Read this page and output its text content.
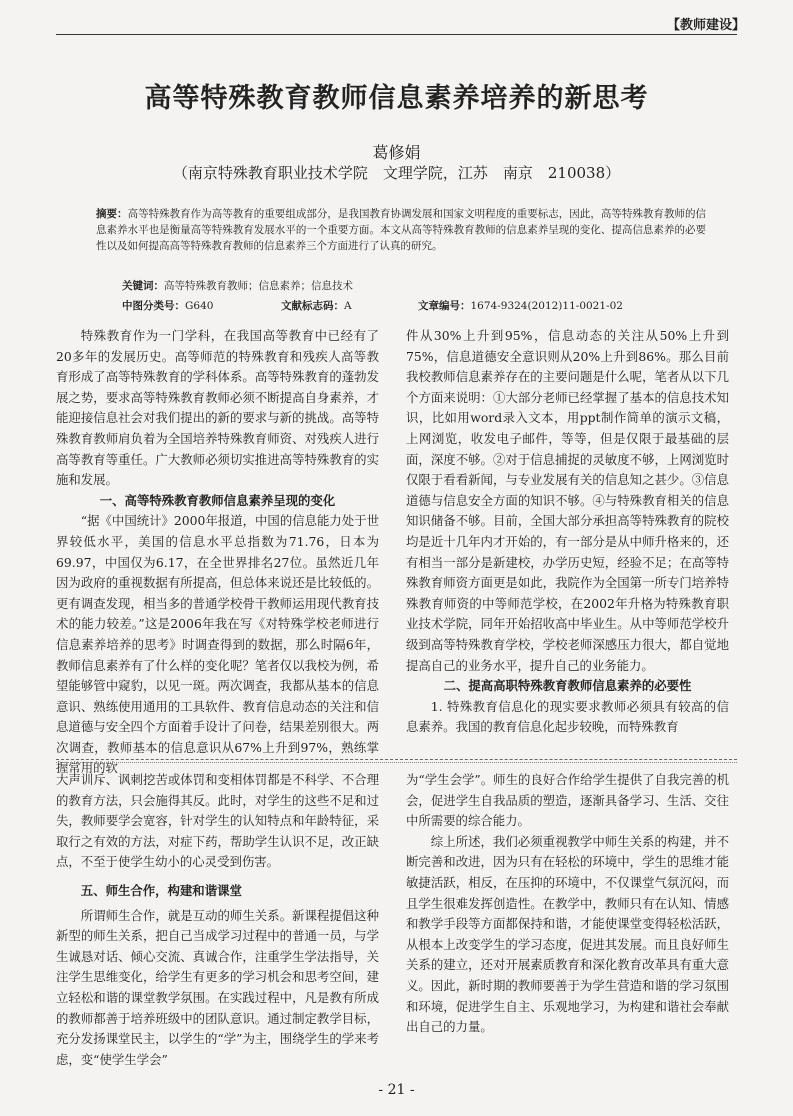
【教师建设】
高等特殊教育教师信息素养培养的新思考
葛修娟
（南京特殊教育职业技术学院　文理学院，江苏　南京　210038）
摘要：高等特殊教育作为高等教育的重要组成部分，是我国教育协调发展和国家文明程度的重要标志，因此，高等特殊教育教师的信息素养水平也是衡量高等特殊教育发展水平的一个重要方面。本文从高等特殊教育教师的信息素养呈现的变化、提高信息素养的必要性以及如何提高高等特殊教育教师的信息素养三个方面进行了认真的研究。
关键词：高等特殊教育教师；信息素养；信息技术
中图分类号：G640	文献标志码：A	文章编号：1674-9324(2012)11-0021-02

特殊教育作为一门学科，在我国高等教育中已经有了20多年的发展历史。高等师范的特殊教育和残疾人高等教育形成了高等特殊教育的学科体系。高等特殊教育的蓬勃发展之势，要求高等特殊教育教师必须不断提高自身素养，才能迎接信息社会对我们提出的新的要求与新的挑战。高等特殊教育教师肩负着为全国培养特殊教育师资、对残疾人进行高等教育等重任。广大教师必须切实推进高等特殊教育的实施和发展。

一、高等特殊教育教师信息素养呈现的变化

“据《中国统计》2000年报道，中国的信息能力处于世界较低水平，美国的信息水平总指数为71.76，日本为69.97，中国仅为6.17，在全世界排名27位。虽然近几年因为政府的重视数据有所提高，但总体来说还是比较低的。更有调查发现，相当多的普通学校骨干教师运用现代教育技术的能力较差。”这是2006年我在写《对特殊学校老师进行信息素养培养的思考》时调查得到的数据，那么时隔6年，教师信息素养有了什么样的变化呢？笔者仅以我校为例，希望能够管中窥豹，以见一斑。两次调查，我都从基本的信息意识、熟练使用通用的工具软件、教育信息动态的关注和信息道德与安全四个方面着手设计了问卷，结果差别很大。两次调查，教师基本的信息意识从67%上升到97%，熟练掌握常用的软

件从30%上升到95%，信息动态的关注从50%上升到75%，信息道德安全意识则从20%上升到86%。那么目前我校教师信息素养存在的主要问题是什么呢，笔者从以下几个方面来说明：①大部分老师已经掌握了基本的信息技术知识，比如用word录入文本，用ppt制作简单的演示文稿，上网浏览，收发电子邮件，等等，但是仅限于最基础的层面，深度不够。②对于信息捕捉的灵敏度不够，上网浏览时仅限于看看新闻，与专业发展有关的信息知之甚少。③信息道德与信息安全方面的知识不够。④与特殊教育相关的信息知识储备不够。目前，全国大部分承担高等特殊教育的院校均是近十几年内才开始的，有一部分是从中师升格来的，还有相当一部分是新建校，办学历史短，经验不足；在高等特殊教育师资方面更是如此，我院作为全国第一所专门培养特殊教育师资的中等师范学校，在2002年升格为特殊教育职业技术学院，同年开始招收高中毕业生。从中等师范学校升级到高等特殊教育学校，学校老师深感压力很大，都自觉地提高自己的业务水平，提升自己的业务能力。

二、提高高职特殊教育教师信息素养的必要性

1. 特殊教育信息化的现实要求教师必须具有较高的信息素养。我国的教育信息化起步较晚，而特殊教育

大声训斥、讽刺挖苦或体罚和变相体罚都是不科学、不合理的教育方法，只会施得其反。此时，对学生的这些不足和过失，教师要学会宽容，针对学生的认知特点和年龄特征，采取行之有效的方法，对症下药，帮助学生认识不足，改正缺点，不至于使学生幼小的心灵受到伤害。

五、师生合作，构建和谐课堂

所谓师生合作，就是互动的师生关系。新课程提倡这种新型的师生关系，把自己当成学习过程中的普通一员，与学生诚恳对话、倾心交流、真诚合作，注重学生学法指导，关注学生思维变化，给学生有更多的学习机会和思考空间，建立轻松和谐的课堂教学氛围。在实践过程中，凡是教有所成的教师都善于培养班级中的团队意识。通过制定教学目标，充分发扬课堂民主，以学生的“学”为主，围绕学生的学来考虑，变“使学生学会”

为“学生会学”。师生的良好合作给学生提供了自我完善的机会，促进学生自我品质的塑造，逐渐具备学习、生活、交往中所需要的综合能力。

综上所述，我们必须重视教学中师生关系的构建，并不断完善和改进，因为只有在轻松的环境中，学生的思维才能敏捷活跃，相反，在压抑的环境中，不仅课堂气氛沉闷，而且学生很难发挥创造性。在教学中，教师只有在认知、情感和教学手段等方面都保持和谐，才能使课堂变得轻松活跃，从根本上改变学生的学习态度，促进其发展。而且良好师生关系的建立，还对开展素质教育和深化教育改革具有重大意义。因此，新时期的教师要善于为学生营造和谐的学习氛围和环境，促进学生自主、乐观地学习，为构建和谐社会奉献出自己的力量。

- 21 -
